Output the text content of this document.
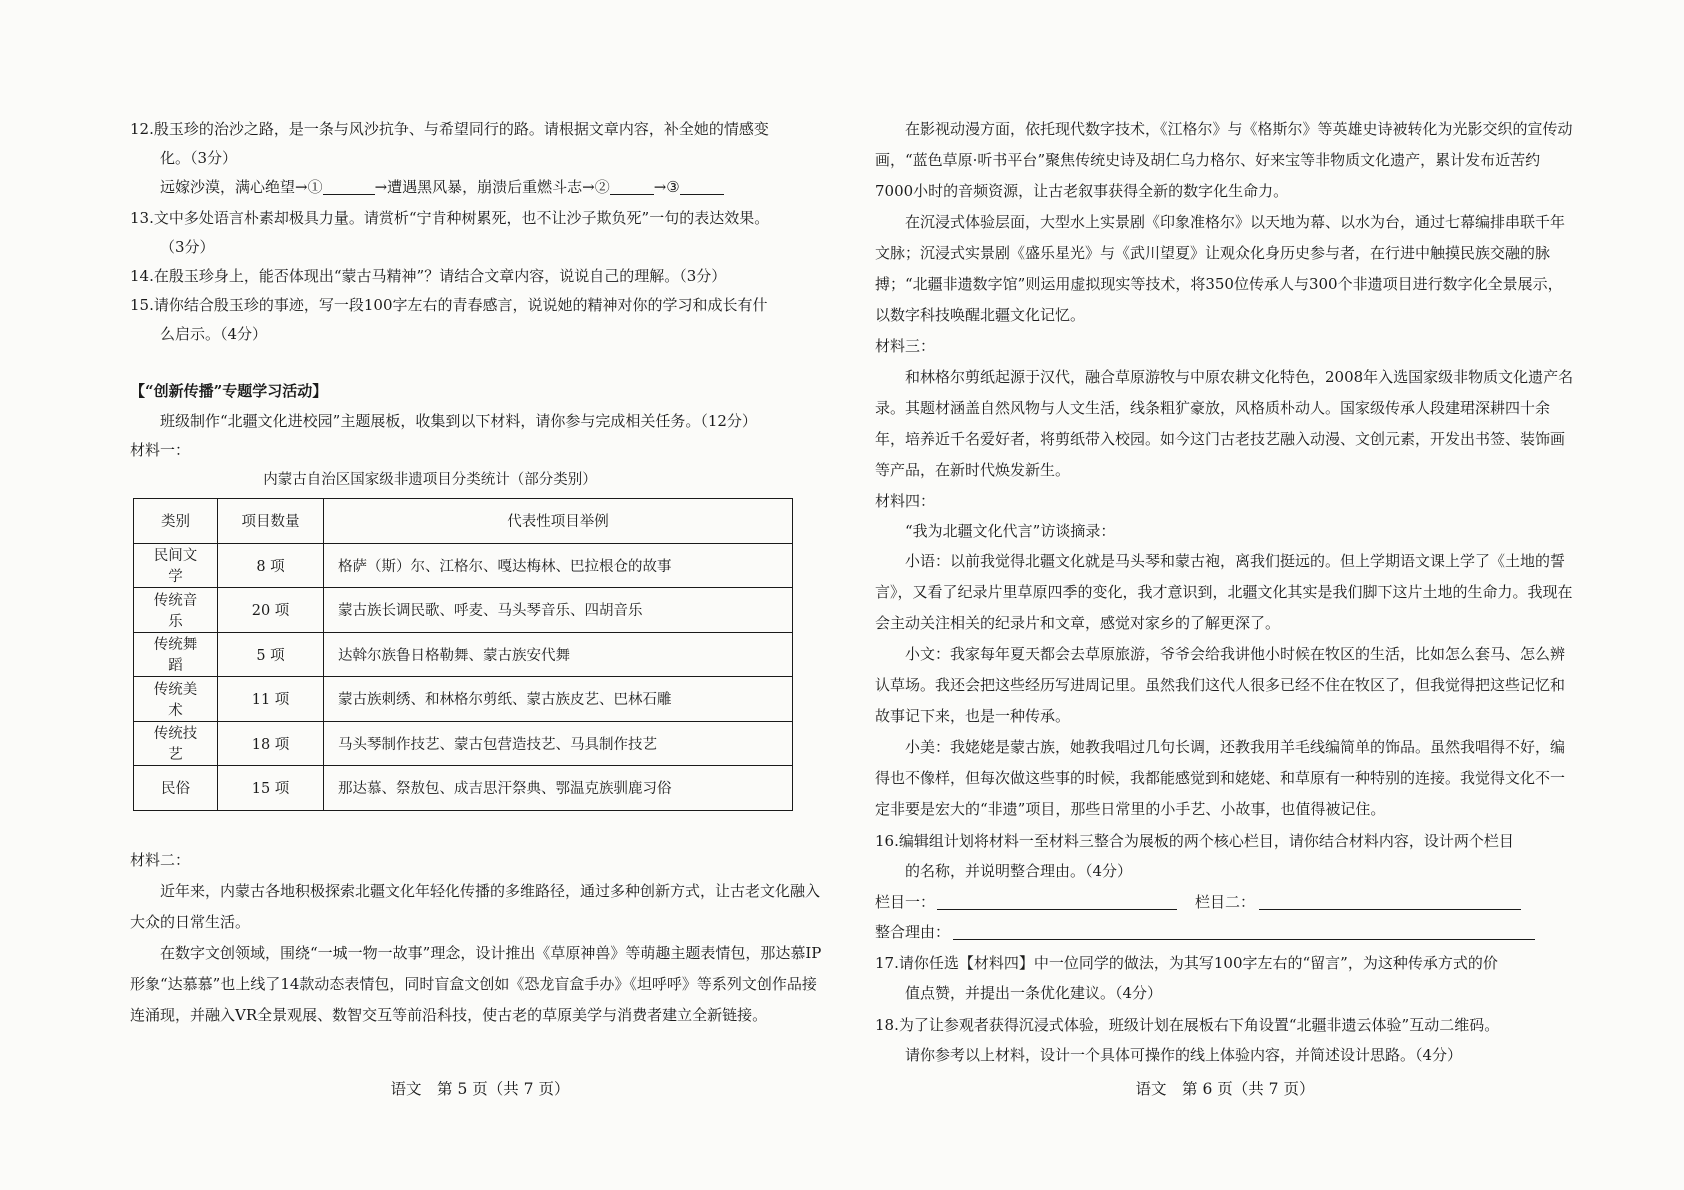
12.殷玉珍的治沙之路，是一条与风沙抗争、与希望同行的路。请根据文章内容，补全她的情感变
化。（3分）
远嫁沙漠，满心绝望→①	→遭遇黑风暴，崩溃后重燃斗志→②	→③
13.文中多处语言朴素却极具力量。请赏析“宁肯种树累死，也不让沙子欺负死”一句的表达效果。
（3分）
14.在殷玉珍身上，能否体现出“蒙古马精神”？请结合文章内容，说说自己的理解。（3分）
15.请你结合殷玉珍的事迹，写一段100字左右的青春感言，说说她的精神对你的学习和成长有什
么启示。（4分）
【“创新传播”专题学习活动】
班级制作“北疆文化进校园”主题展板，收集到以下材料，请你参与完成相关任务。（12分）
材料一：
内蒙古自治区国家级非遗项目分类统计（部分类别）
类别	项目数量	代表性项目举例
民间文学	8 项	格萨（斯）尔、江格尔、嘎达梅林、巴拉根仓的故事
传统音乐	20 项	蒙古族长调民歌、呼麦、马头琴音乐、四胡音乐
传统舞蹈	5 项	达斡尔族鲁日格勒舞、蒙古族安代舞
传统美术	11 项	蒙古族刺绣、和林格尔剪纸、蒙古族皮艺、巴林石雕
传统技艺	18 项	马头琴制作技艺、蒙古包营造技艺、马具制作技艺
民俗	15 项	那达慕、祭敖包、成吉思汗祭典、鄂温克族驯鹿习俗
材料二：
近年来，内蒙古各地积极探索北疆文化年轻化传播的多维路径，通过多种创新方式，让古老文化融入大众的日常生活。
在数字文创领域，围绕“一城一物一故事”理念，设计推出《草原神兽》等萌趣主题表情包，那达慕IP形象“达慕慕”也上线了14款动态表情包，同时盲盒文创如《恐龙盲盒手办》《坦呼呼》等系列文创作品接连涌现，并融入VR全景观展、数智交互等前沿科技，使古老的草原美学与消费者建立全新链接。
语文　第 5 页（共 7 页）
在影视动漫方面，依托现代数字技术，《江格尔》与《格斯尔》等英雄史诗被转化为光影交织的宣传动画，“蓝色草原·听书平台”聚焦传统史诗及胡仁乌力格尔、好来宝等非物质文化遗产，累计发布近苦约7000小时的音频资源，让古老叙事获得全新的数字化生命力。
在沉浸式体验层面，大型水上实景剧《印象准格尔》以天地为幕、以水为台，通过七幕编排串联千年文脉；沉浸式实景剧《盛乐星光》与《武川望夏》让观众化身历史参与者，在行进中触摸民族交融的脉搏；“北疆非遗数字馆”则运用虚拟现实等技术，将350位传承人与300个非遗项目进行数字化全景展示，以数字科技唤醒北疆文化记忆。
材料三：
和林格尔剪纸起源于汉代，融合草原游牧与中原农耕文化特色，2008年入选国家级非物质文化遗产名录。其题材涵盖自然风物与人文生活，线条粗犷豪放，风格质朴动人。国家级传承人段建珺深耕四十余年，培养近千名爱好者，将剪纸带入校园。如今这门古老技艺融入动漫、文创元素，开发出书签、装饰画等产品，在新时代焕发新生。
材料四：
“我为北疆文化代言”访谈摘录：
小语：以前我觉得北疆文化就是马头琴和蒙古袍，离我们挺远的。但上学期语文课上学了《土地的誓言》，又看了纪录片里草原四季的变化，我才意识到，北疆文化其实是我们脚下这片土地的生命力。我现在会主动关注相关的纪录片和文章，感觉对家乡的了解更深了。
小文：我家每年夏天都会去草原旅游，爷爷会给我讲他小时候在牧区的生活，比如怎么套马、怎么辨认草场。我还会把这些经历写进周记里。虽然我们这代人很多已经不住在牧区了，但我觉得把这些记忆和故事记下来，也是一种传承。
小美：我姥姥是蒙古族，她教我唱过几句长调，还教我用羊毛线编简单的饰品。虽然我唱得不好，编得也不像样，但每次做这些事的时候，我都能感觉到和姥姥、和草原有一种特别的连接。我觉得文化不一定非要是宏大的“非遗”项目，那些日常里的小手艺、小故事，也值得被记住。
16.编辑组计划将材料一至材料三整合为展板的两个核心栏目，请你结合材料内容，设计两个栏目
的名称，并说明整合理由。（4分）
栏目一：	栏目二：
整合理由：
17.请你任选【材料四】中一位同学的做法，为其写100字左右的“留言”，为这种传承方式的价
值点赞，并提出一条优化建议。（4分）
18.为了让参观者获得沉浸式体验，班级计划在展板右下角设置“北疆非遗云体验”互动二维码。
请你参考以上材料，设计一个具体可操作的线上体验内容，并简述设计思路。（4分）
语文　第 6 页（共 7 页）
